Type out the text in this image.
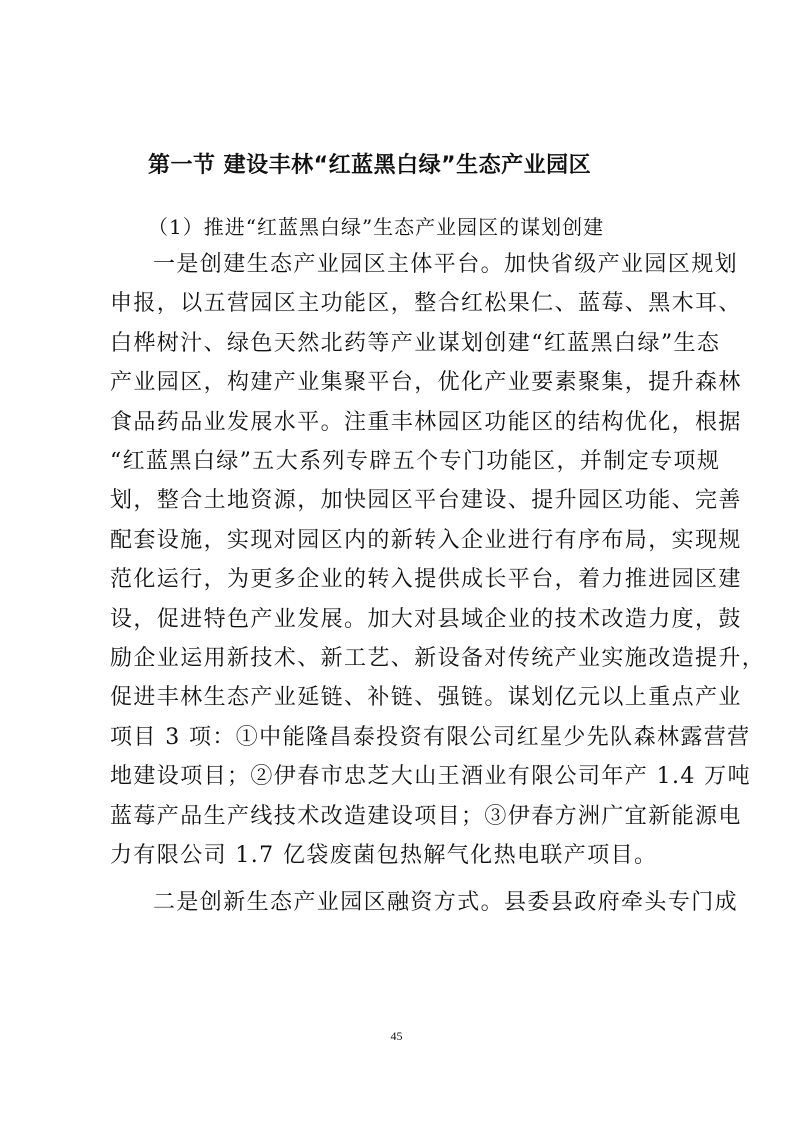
第一节 建设丰林“红蓝黑白绿”生态产业园区
（1）推进“红蓝黑白绿”生态产业园区的谋划创建
一是创建生态产业园区主体平台。加快省级产业园区规划
申报，以五营园区主功能区，整合红松果仁、蓝莓、黑木耳、
白桦树汁、绿色天然北药等产业谋划创建“红蓝黑白绿”生态
产业园区，构建产业集聚平台，优化产业要素聚集，提升森林
食品药品业发展水平。注重丰林园区功能区的结构优化，根据
“红蓝黑白绿”五大系列专辟五个专门功能区，并制定专项规
划，整合土地资源，加快园区平台建设、提升园区功能、完善
配套设施，实现对园区内的新转入企业进行有序布局，实现规
范化运行，为更多企业的转入提供成长平台，着力推进园区建
设，促进特色产业发展。加大对县域企业的技术改造力度，鼓
励企业运用新技术、新工艺、新设备对传统产业实施改造提升，
促进丰林生态产业延链、补链、强链。谋划亿元以上重点产业
项目 3 项：①中能隆昌泰投资有限公司红星少先队森林露营营
地建设项目；②伊春市忠芝大山王酒业有限公司年产 1.4 万吨
蓝莓产品生产线技术改造建设项目；③伊春方洲广宜新能源电
力有限公司 1.7 亿袋废菌包热解气化热电联产项目。
二是创新生态产业园区融资方式。县委县政府牵头专门成
45
